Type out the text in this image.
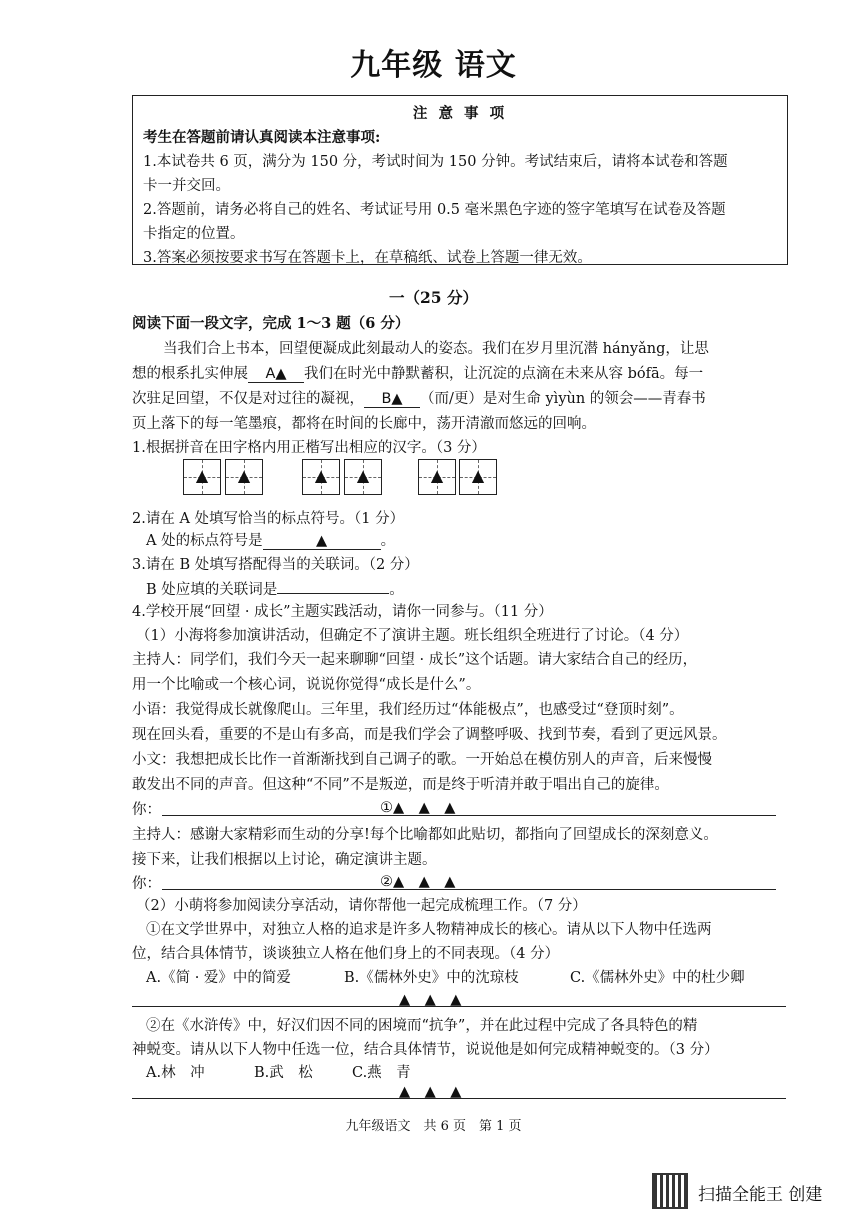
九年级 语文
注 意 事 项
考生在答题前请认真阅读本注意事项:
1.本试卷共 6 页，满分为 150 分，考试时间为 150 分钟。考试结束后，请将本试卷和答题
卡一并交回。
2.答题前，请务必将自己的姓名、考试证号用 0.5 毫米黑色字迹的签字笔填写在试卷及答题
卡指定的位置。
3.答案必须按要求书写在答题卡上，在草稿纸、试卷上答题一律无效。
一（25 分）
阅读下面一段文字，完成 1～3 题（6 分）
当我们合上书本，回望便凝成此刻最动人的姿态。我们在岁月里沉潜 hányǎng，让思
想的根系扎实伸展 A▲ 我们在时光中静默蓄积，让沉淀的点滴在未来从容 bófā。每一
次驻足回望，不仅是对过往的凝视， B▲ （而/更）是对生命 yìyùn 的领会——青春书
页上落下的每一笔墨痕，都将在时间的长廊中，荡开清澈而悠远的回响。
1.根据拼音在田字格内用正楷写出相应的汉字。（3 分）
▲	▲	▲	▲	▲	▲
2.请在 A 处填写恰当的标点符号。（1 分）
A 处的标点符号是	▲	。
3.请在 B 处填写搭配得当的关联词。（2 分）
B 处应填的关联词是	。
4.学校开展“回望 · 成长”主题实践活动，请你一同参与。（11 分）
（1）小海将参加演讲活动，但确定不了演讲主题。班长组织全班进行了讨论。（4 分）
主持人：同学们，我们今天一起来聊聊“回望 · 成长”这个话题。请大家结合自己的经历，
用一个比喻或一个核心词，说说你觉得“成长是什么”。
小语：我觉得成长就像爬山。三年里，我们经历过“体能极点”，也感受过“登顶时刻”。
现在回头看，重要的不是山有多高，而是我们学会了调整呼吸、找到节奏，看到了更远风景。
小文：我想把成长比作一首渐渐找到自己调子的歌。一开始总在模仿别人的声音，后来慢慢
敢发出不同的声音。但这种“不同”不是叛逆，而是终于听清并敢于唱出自己的旋律。
你：	①▲　▲　▲
主持人：感谢大家精彩而生动的分享!每个比喻都如此贴切，都指向了回望成长的深刻意义。
接下来，让我们根据以上讨论，确定演讲主题。
你：	②▲　▲　▲
（2）小萌将参加阅读分享活动，请你帮他一起完成梳理工作。（7 分）
①在文学世界中，对独立人格的追求是许多人物精神成长的核心。请从以下人物中任选两
位，结合具体情节，谈谈独立人格在他们身上的不同表现。（4 分）
A.《简 · 爱》中的简爱	B.《儒林外史》中的沈琼枝	C.《儒林外史》中的杜少卿
▲　▲　▲
②在《水浒传》中，好汉们因不同的困境而“抗争”，并在此过程中完成了各具特色的精
神蜕变。请从以下人物中任选一位，结合具体情节，说说他是如何完成精神蜕变的。（3 分）
A.林　冲	B.武　松	C.燕　青
▲　▲　▲
九年级语文　共 6 页　第 1 页
扫描全能王 创建
